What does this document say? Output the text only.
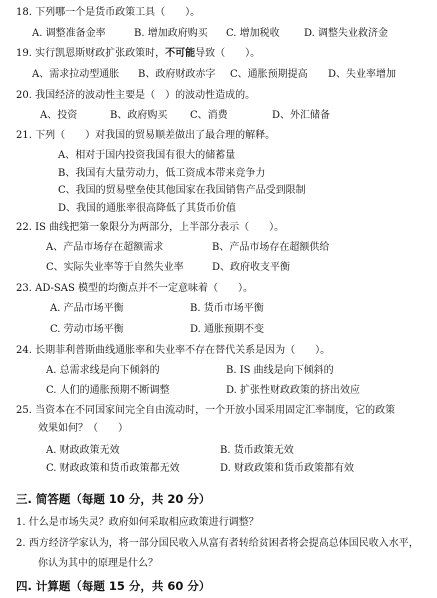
18. 下列哪一个是货币政策工具（　　）。
A. 调整准备金率	B. 增加政府购买 C. 增加税收 D. 调整失业救济金
19. 实行凯恩斯财政扩张政策时，不可能导致（　　）。
A、需求拉动型通胀 B、政府财政赤字 C、通胀预期提高 D、失业率增加
20. 我国经济的波动性主要是（　）的波动性造成的。
A、投资	B、政府购买 C、消费	D、外汇储备
21. 下列（　　）对我国的贸易顺差做出了最合理的解释。
A、相对于国内投资我国有很大的储蓄量
B、我国有大量劳动力，低工资成本带来竞争力
C、我国的贸易壁垒使其他国家在我国销售产品受到限制
D、我国的通胀率很高降低了其货币价值
22. IS 曲线把第一象限分为两部分，上半部分表示（　　）。
A、产品市场存在超额需求	B、产品市场存在超额供给
C、实际失业率等于自然失业率	D、政府收支平衡
23. AD-SAS 模型的均衡点并不一定意味着（　　）。
A. 产品市场平衡	B. 货币市场平衡
C. 劳动市场平衡	D. 通胀预期不变
24. 长期菲利普斯曲线通胀率和失业率不存在替代关系是因为（　　）。
A. 总需求线是向下倾斜的	B. IS 曲线是向下倾斜的
C. 人们的通胀预期不断调整	D. 扩张性财政政策的挤出效应
25. 当资本在不同国家间完全自由流动时，一个开放小国采用固定汇率制度，它的政策
效果如何？（　　）
A. 财政政策无效	B. 货币政策无效
C. 财政政策和货币政策都无效	D. 财政政策和货币政策都有效
三. 简答题（每题 10 分，共 20 分）
1. 什么是市场失灵？政府如何采取相应政策进行调整？
2. 西方经济学家认为，将一部分国民收入从富有者转给贫困者将会提高总体国民收入水平，
你认为其中的原理是什么？
四. 计算题（每题 15 分，共 60 分）
